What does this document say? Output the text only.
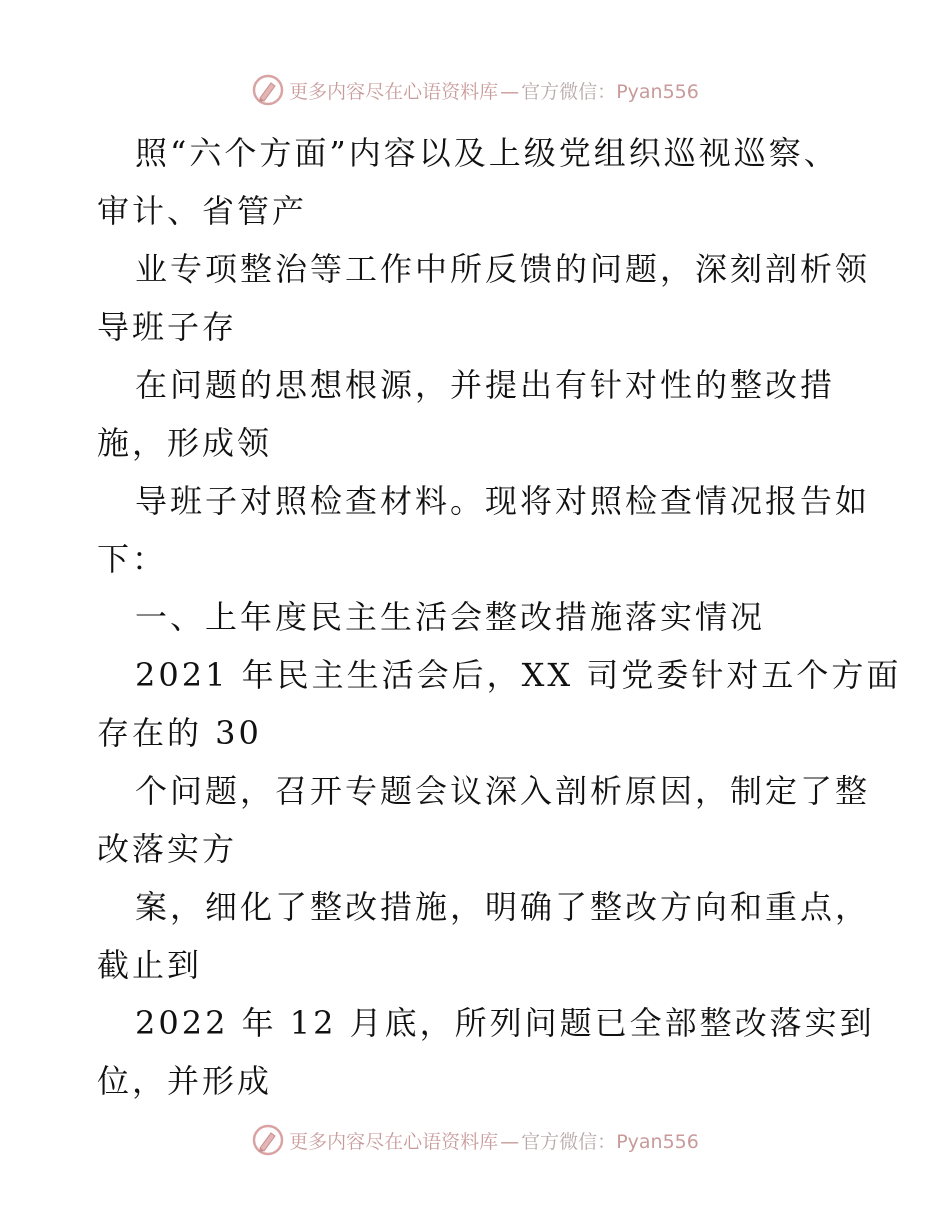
更多内容尽在心语资料库 — 官方微信：Pyan556
照“六个方面”内容以及上级党组织巡视巡察、
审计、省管产
业专项整治等工作中所反馈的问题，深刻剖析领
导班子存
在问题的思想根源，并提出有针对性的整改措
施，形成领
导班子对照检查材料。现将对照检查情况报告如
下：
一、上年度民主生活会整改措施落实情况
2021 年民主生活会后，XX 司党委针对五个方面
存在的 30
个问题，召开专题会议深入剖析原因，制定了整
改落实方
案，细化了整改措施，明确了整改方向和重点，
截止到
2022 年 12 月底，所列问题已全部整改落实到
位，并形成
更多内容尽在心语资料库 — 官方微信：Pyan556
